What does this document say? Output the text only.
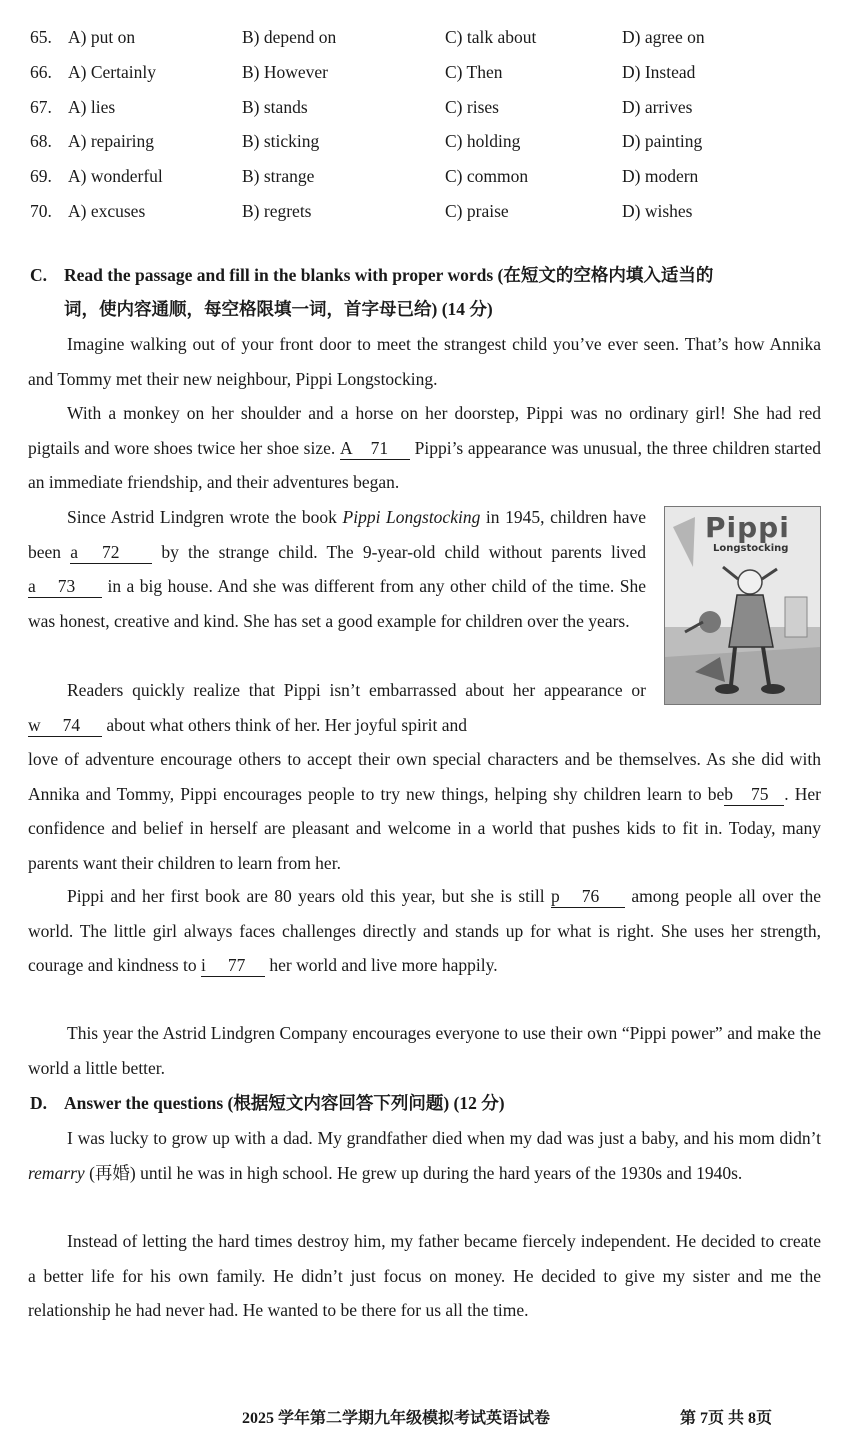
65. A) put on	B) depend on	C) talk about	D) agree on
66. A) Certainly	B) However	C) Then	D) Instead
67. A) lies	B) stands	C) rises	D) arrives
68. A) repairing	B) sticking	C) holding	D) painting
69. A) wonderful	B) strange	C) common	D) modern
70. A) excuses	B) regrets	C) praise	D) wishes
C. Read the passage and fill in the blanks with proper words (在短文的空格内填入适当的
词，使内容通顺，每空格限填一词，首字母已给) (14 分)
Imagine walking out of your front door to meet the strangest child you’ve ever seen. That’s how Annika and Tommy met their new neighbour, Pippi Longstocking.
With a monkey on her shoulder and a horse on her doorstep, Pippi was no ordinary girl! She had red pigtails and wore shoes twice her shoe size. A 71 Pippi’s appearance was unusual, the three children started an immediate friendship, and their adventures began.
Since Astrid Lindgren wrote the book Pippi Longstocking in 1945, children have been a 72 by the strange child. The 9-year-old child without parents lived a 73 in a big house. And she was different from any other child of the time. She was honest, creative and kind. She has set a good example for children over the years.
Pippi
Longstocking
Readers quickly realize that Pippi isn’t embarrassed about her appearance or w 74 about what others think of her. Her joyful spirit and
love of adventure encourage others to accept their own special characters and be themselves. As she did with Annika and Tommy, Pippi encourages people to try new things, helping shy children learn to beb 75 . Her confidence and belief in herself are pleasant and welcome in a world that pushes kids to fit in. Today, many parents want their children to learn from her.
Pippi and her first book are 80 years old this year, but she is still p 76 among people all over the world. The little girl always faces challenges directly and stands up for what is right. She uses her strength, courage and kindness to i 77 her world and live more happily.
This year the Astrid Lindgren Company encourages everyone to use their own “Pippi power” and make the world a little better.
D. Answer the questions (根据短文内容回答下列问题) (12 分)
I was lucky to grow up with a dad. My grandfather died when my dad was just a baby, and his mom didn’t remarry (再婚) until he was in high school. He grew up during the hard years of the 1930s and 1940s.
Instead of letting the hard times destroy him, my father became fiercely independent. He decided to create a better life for his own family. He didn’t just focus on money. He decided to give my sister and me the relationship he had never had. He wanted to be there for us all the time.
2025 学年第二学期九年级模拟考试英语试卷	第 7页 共 8页
